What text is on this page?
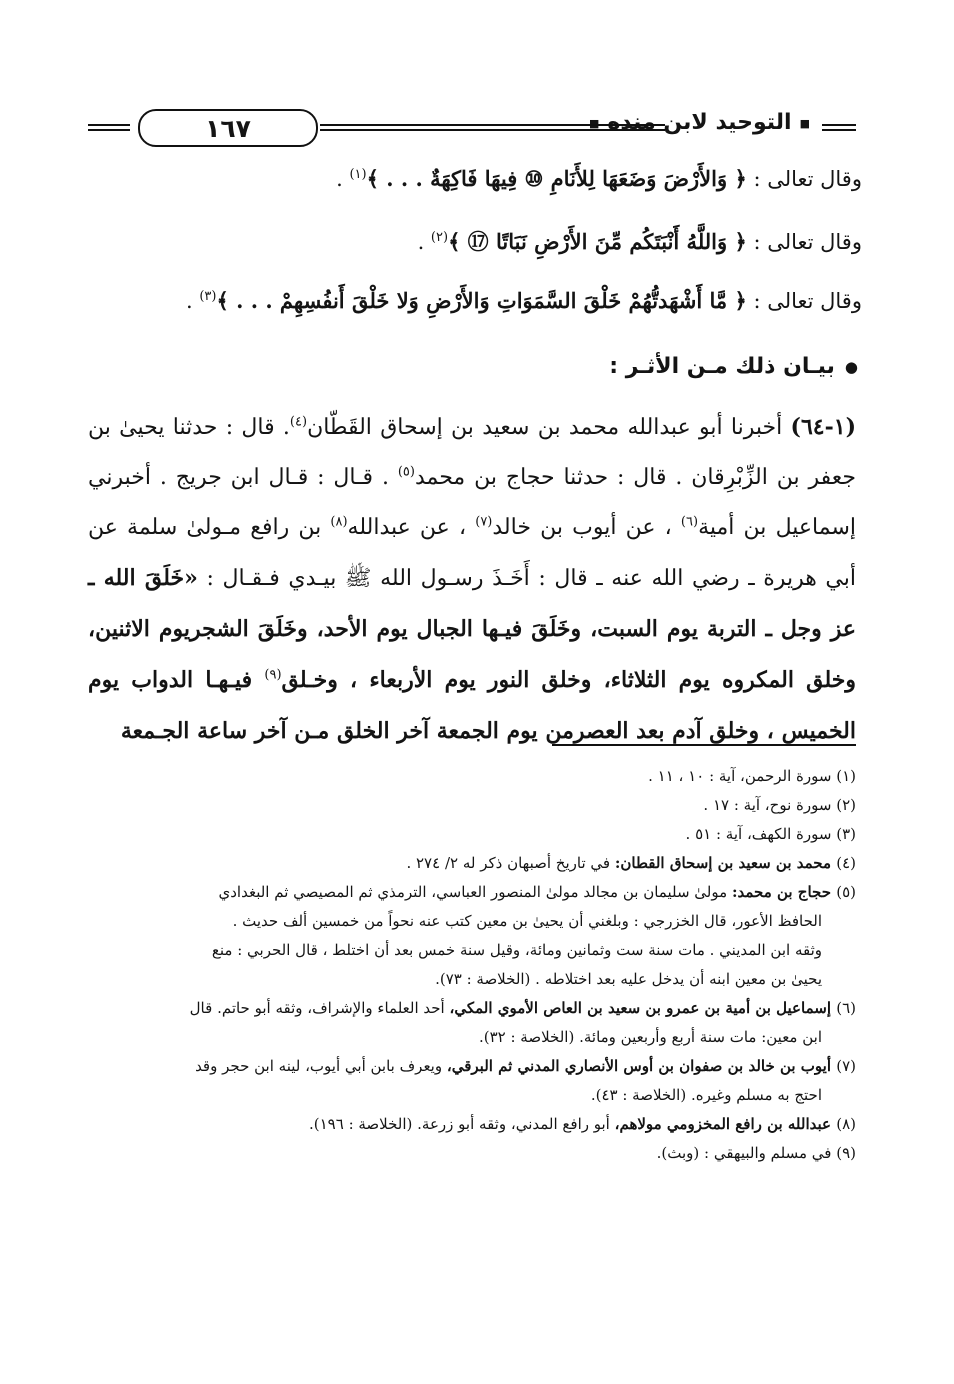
■ التوحيد لابن منده ■
١٦٧
وقال تعالى : ﴿ وَالأَرْضَ وَضَعَهَا لِلأَنَامِ ⑩ فِيهَا فَاكِهَةٌ . . . ﴾$^{(١)}$ .
وقال تعالى : ﴿ وَاللَّهُ أَنْبَتَكُم مِّنَ الأَرْضِ نَبَاتًا ⑰ ﴾$^{(٢)}$ .
وقال تعالى : ﴿ مَّا أَشْهَدتُّهُمْ خَلْقَ السَّمَوَاتِ وَالأَرْضِ وَلا خَلْقَ أَنفُسِهِمْ . . . ﴾$^{(٣)}$ .
●بيـان ذلك مـن الأثـر :
(١-٦٤) أخبرنا أبو عبدالله محمد بن سعيد بن إسحاق القَطّان$^{(٤)}$. قال : حدثنا يحيىٰ بن جعفر بن الزِّبْرِقان . قال : حدثنا حجاج بن محمد$^{(٥)}$ . قـال : قـال ابن جريج . أخبرني إسماعيل بن أمية$^{(٦)}$ ، عن أيوب بن خالد$^{(٧)}$ ، عن عبدالله$^{(٨)}$ بن رافع مـولىٰ سلمة عن أبي هريرة ـ رضي الله عنه ـ قال : أَخَـذَ رسـول الله ﷺ بيـدي فـقـال : «خَلَقَ الله ـ عز وجل ـ التربة يوم السبت، وخَلَقَ فيـها الجبال يوم الأحد، وخَلَقَ الشجريوم الاثنين، وخلق المكروه يوم الثلاثاء، وخلق النور يوم الأربعاء ، وخـلق$^{(٩)}$ فيـهـا الدواب يوم الخميس ، وخلق آدم بعد العصرمن يوم الجمعة آخر الخلق مـن آخر ساعة الجـمعة

(١) سورة الرحمن، آية : ١٠ ، ١١ .

(٢) سورة نوح، آية : ١٧ .

(٣) سورة الكهف، آية : ٥١ .

(٤) محمد بن سعيد بن إسحاق القطان: في تاريخ أصبهان ذكر له ٢/ ٢٧٤ .

(٥) حجاج بن محمد: مولىٰ سليمان بن مجالد مولىٰ المنصور العباسي، الترمذي ثم المصيصي ثم البغدادي

الحافظ الأعور، قال الخزرجي : وبلغني أن يحيىٰ بن معين كتب عنه نحواً من خمسين ألف حديث .

وثقه ابن المديني . مات سنة ست وثمانين ومائة، وقيل سنة خمس بعد أن اختلط ، قال الحربي : منع

يحيىٰ بن معين ابنه أن يدخل عليه بعد اختلاطه . (الخلاصة : ٧٣).

(٦) إسماعيل بن أمية بن عمرو بن سعيد بن العاص الأموي المكي، أحد العلماء والإشراف، وثقه أبو حاتم. قال

ابن معين: مات سنة أربع وأربعين ومائة. (الخلاصة : ٣٢).

(٧) أيوب بن خالد بن صفوان بن أوس الأنصاري المدني ثم البرقي، ويعرف بابن أبي أيوب، لينه ابن حجر وقد

احتج به مسلم وغيره. (الخلاصة : ٤٣).

(٨) عبدالله بن رافع المخزومي مولاهم، أبو رافع المدني، وثقه أبو زرعة. (الخلاصة : ١٩٦).

(٩) في مسلم والبيهقي : (وبث).
